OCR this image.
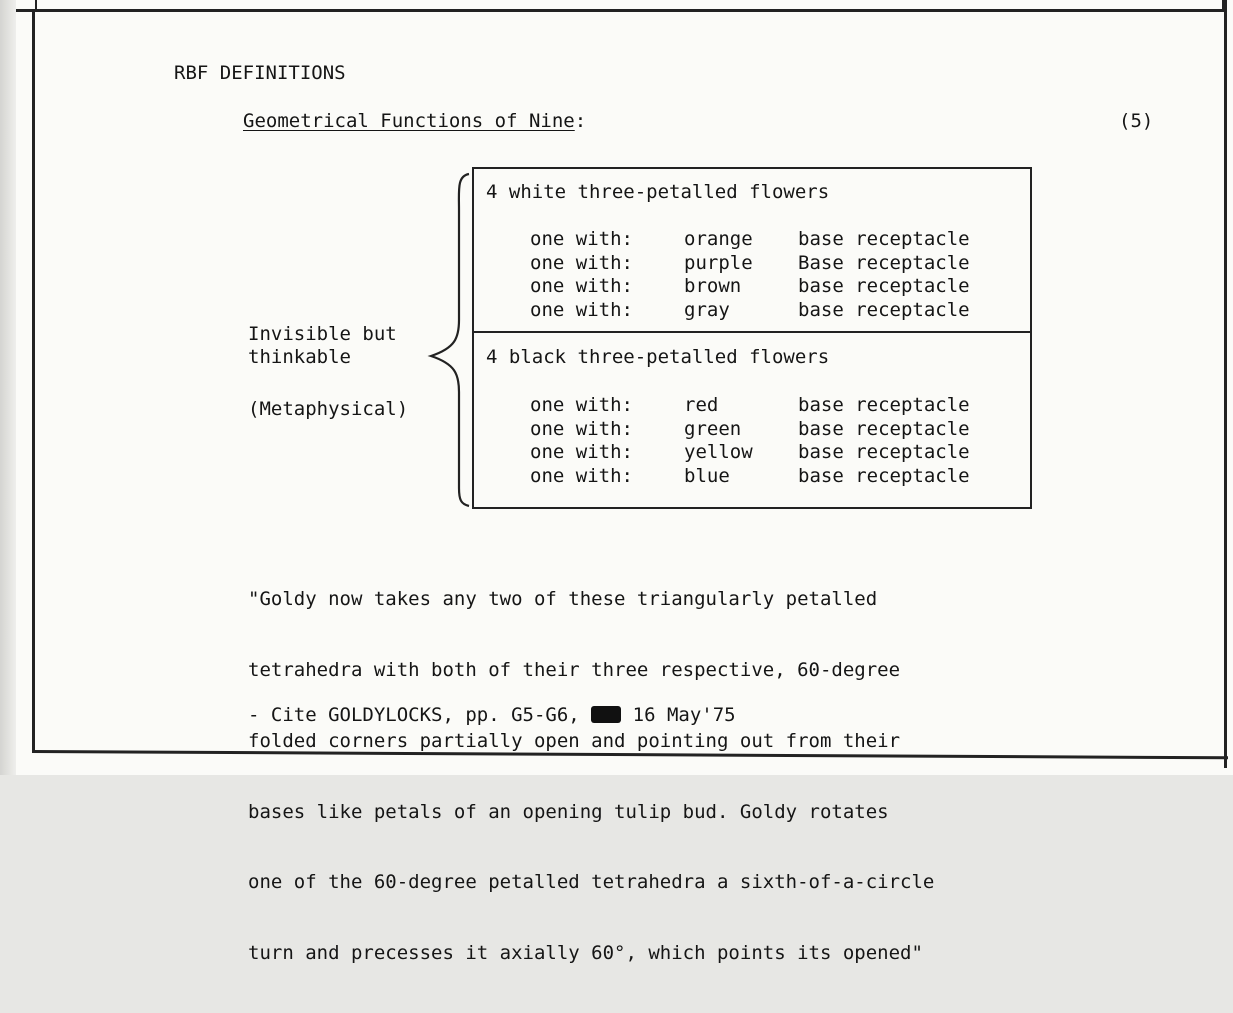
RBF DEFINITIONS
Geometrical Functions of Nine:	(5)
Invisible but
thinkable
(Metaphysical)
4 white three-petalled flowers
one with:	orange base receptacle
one with:	purple Base receptacle
one with:	brown	base receptacle
one with:	gray	base receptacle
4 black three-petalled flowers
one with:	red	base receptacle
one with:	green	base receptacle
one with:	yellow base receptacle
one with:	blue	base receptacle

"Goldy now takes any two of these triangularly petalled

tetrahedra with both of their three respective, 60-degree

folded corners partially open and pointing out from their

bases like petals of an opening tulip bud. Goldy rotates

one of the 60-degree petalled tetrahedra a sixth-of-a-circle

turn and precesses it axially 60°, which points its opened"

- Cite GOLDYLOCKS, pp. G5-G6,	16 May'75
